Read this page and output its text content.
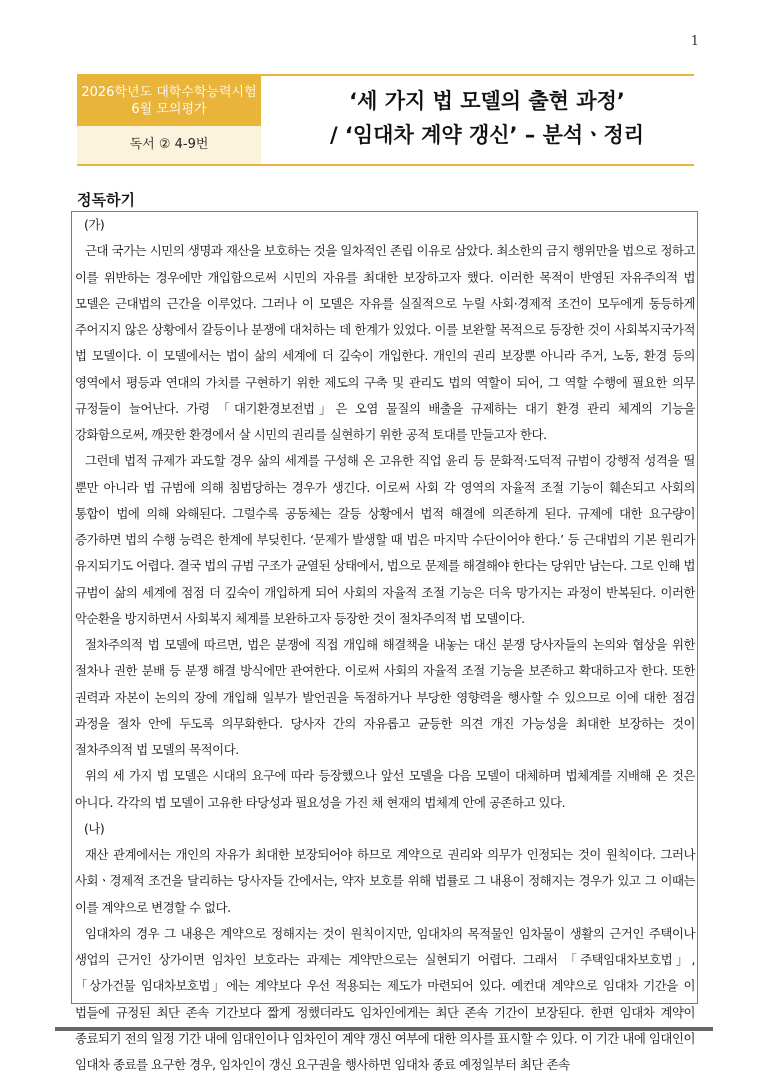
1
2026학년도 대학수학능력시험
6월 모의평가
독서 ② 4-9번
‘세 가지 법 모델의 출현 과정’
/ ‘임대차 계약 갱신’ – 분석ㆍ정리
정독하기

(가)

근대 국가는 시민의 생명과 재산을 보호하는 것을 일차적인 존립 이유로 삼았다. 최소한의 금지 행위만을 법으로 정하고 이를 위반하는 경우에만 개입함으로써 시민의 자유를 최대한 보장하고자 했다. 이러한 목적이 반영된 자유주의적 법 모델은 근대법의 근간을 이루었다. 그러나 이 모델은 자유를 실질적으로 누릴 사회·경제적 조건이 모두에게 동등하게 주어지지 않은 상황에서 갈등이나 분쟁에 대처하는 데 한계가 있었다. 이를 보완할 목적으로 등장한 것이 사회복지국가적 법 모델이다. 이 모델에서는 법이 삶의 세계에 더 깊숙이 개입한다. 개인의 권리 보장뿐 아니라 주거, 노동, 환경 등의 영역에서 평등과 연대의 가치를 구현하기 위한 제도의 구축 및 관리도 법의 역할이 되어, 그 역할 수행에 필요한 의무 규정들이 늘어난다. 가령 「대기환경보전법」은 오염 물질의 배출을 규제하는 대기 환경 관리 체계의 기능을 강화함으로써, 깨끗한 환경에서 살 시민의 권리를 실현하기 위한 공적 토대를 만들고자 한다.

그런데 법적 규제가 과도할 경우 삶의 세계를 구성해 온 고유한 직업 윤리 등 문화적·도덕적 규범이 강행적 성격을 띨 뿐만 아니라 법 규범에 의해 침범당하는 경우가 생긴다. 이로써 사회 각 영역의 자율적 조절 기능이 훼손되고 사회의 통합이 법에 의해 와해된다. 그럴수록 공동체는 갈등 상황에서 법적 해결에 의존하게 된다. 규제에 대한 요구량이 증가하면 법의 수행 능력은 한계에 부딪힌다. ‘문제가 발생할 때 법은 마지막 수단이어야 한다.’ 등 근대법의 기본 원리가 유지되기도 어렵다. 결국 법의 규범 구조가 균열된 상태에서, 법으로 문제를 해결해야 한다는 당위만 남는다. 그로 인해 법 규범이 삶의 세계에 점점 더 깊숙이 개입하게 되어 사회의 자율적 조절 기능은 더욱 망가지는 과정이 반복된다. 이러한 악순환을 방지하면서 사회복지 체계를 보완하고자 등장한 것이 절차주의적 법 모델이다.

절차주의적 법 모델에 따르면, 법은 분쟁에 직접 개입해 해결책을 내놓는 대신 분쟁 당사자들의 논의와 협상을 위한 절차나 권한 분배 등 분쟁 해결 방식에만 관여한다. 이로써 사회의 자율적 조절 기능을 보존하고 확대하고자 한다. 또한 권력과 자본이 논의의 장에 개입해 일부가 발언권을 독점하거나 부당한 영향력을 행사할 수 있으므로 이에 대한 점검 과정을 절차 안에 두도록 의무화한다. 당사자 간의 자유롭고 균등한 의견 개진 가능성을 최대한 보장하는 것이 절차주의적 법 모델의 목적이다.

위의 세 가지 법 모델은 시대의 요구에 따라 등장했으나 앞선 모델을 다음 모델이 대체하며 법체계를 지배해 온 것은 아니다. 각각의 법 모델이 고유한 타당성과 필요성을 가진 채 현재의 법체계 안에 공존하고 있다.

(나)

재산 관계에서는 개인의 자유가 최대한 보장되어야 하므로 계약으로 권리와 의무가 인정되는 것이 원칙이다. 그러나 사회ㆍ경제적 조건을 달리하는 당사자들 간에서는, 약자 보호를 위해 법률로 그 내용이 정해지는 경우가 있고 그 이때는 이를 계약으로 변경할 수 없다.

임대차의 경우 그 내용은 계약으로 정해지는 것이 원칙이지만, 임대차의 목적물인 임차물이 생활의 근거인 주택이나 생업의 근거인 상가이면 임차인 보호라는 과제는 계약만으로는 실현되기 어렵다. 그래서 「주택임대차보호법」, 「상가건물 임대차보호법」에는 계약보다 우선 적용되는 제도가 마련되어 있다. 예컨대 계약으로 임대차 기간을 이 법들에 규정된 최단 존속 기간보다 짧게 정했더라도 임차인에게는 최단 존속 기간이 보장된다. 한편 임대차 계약이 종료되기 전의 일정 기간 내에 임대인이나 임차인이 계약 갱신 여부에 대한 의사를 표시할 수 있다. 이 기간 내에 임대인이 임대차 종료를 요구한 경우, 임차인이 갱신 요구권을 행사하면 임대차 종료 예정일부터 최단 존속
